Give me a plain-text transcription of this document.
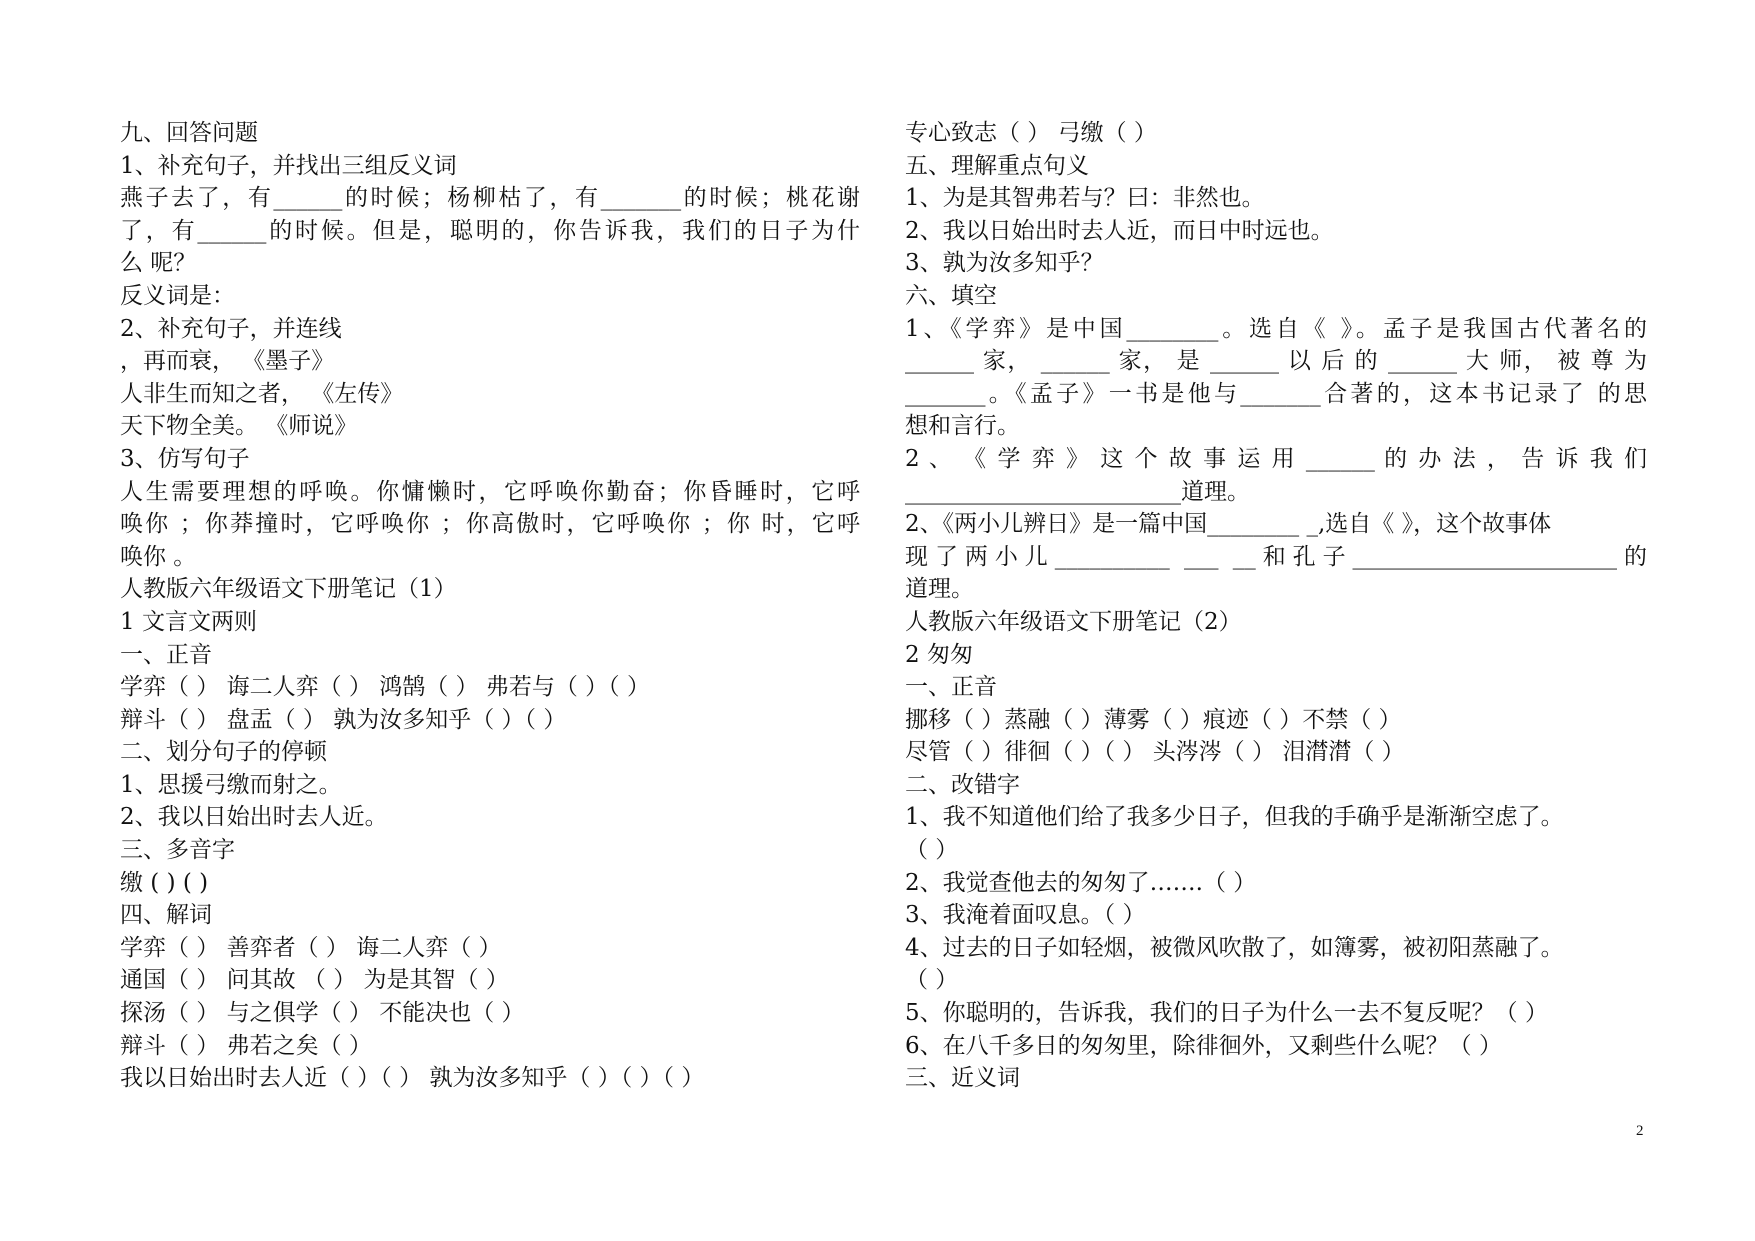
九、回答问题
1、补充句子，并找出三组反义词
燕子去了，有______的时候；杨柳枯了，有_______的时候；桃花谢
了，有______的时候。但是，聪明的，你告诉我，我们的日子为什
么 呢？
反义词是：
2、补充句子，并连线
，再而衰， 《墨子》
人非生而知之者， 《左传》
天下物全美。 《师说》
3、仿写句子
人生需要理想的呼唤。你慵懒时，它呼唤你勤奋；你昏睡时，它呼
唤你 ；你莽撞时，它呼唤你 ；你高傲时，它呼唤你 ；你 时，它呼
唤你 。
人教版六年级语文下册笔记（1）
1 文言文两则
一、正音
学弈（ ） 诲二人弈（ ） 鸿鹄（ ） 弗若与（ ）（ ）
辩斗（ ） 盘盂（ ） 孰为汝多知乎（ ）（ ）
二、划分句子的停顿
1、思援弓缴而射之。
2、我以日始出时去人近。
三、多音字
缴 ( ) ( )
四、解词
学弈（ ） 善弈者（ ） 诲二人弈（ ）
通国（ ） 问其故 （ ） 为是其智（ ）
探汤（ ） 与之俱学（ ） 不能决也（ ）
辩斗（ ） 弗若之矣（ ）
我以日始出时去人近（ ）（ ） 孰为汝多知乎（ ）（ ）（ ）
专心致志（ ） 弓缴（ ）
五、理解重点句义
1、为是其智弗若与？曰：非然也。
2、我以日始出时去人近，而日中时远也。
3、孰为汝多知乎？
六、填空
1、《学弈》是中国________。选自《 》。孟子是我国古代著名的
______ 家， ______ 家， 是 ______ 以 后 的 ______ 大 师， 被 尊 为
_______。《孟子》一书是他与_______合著的，这本书记录了 的思
想和言行。
2 、 《 学 弈 》 这 个 故 事 运 用 ______ 的 办 法 ， 告 诉 我 们
________________________道理。
2、《两小儿辨日》是一篇中国________ _,选自《 》，这个故事体
现了两小儿__________ ___ __和孔子_______________________的
道理。
人教版六年级语文下册笔记（2）
2 匆匆
一、正音
挪移（ ）蒸融（ ）薄雾（ ）痕迹（ ）不禁（ ）
尽管（ ）徘徊（ ）（ ） 头涔涔（ ） 泪潸潸（ ）
二、改错字
1、我不知道他们给了我多少日子，但我的手确乎是渐渐空虑了。
（ ）
2、我觉查他去的匆匆了…….（ ）
3、我淹着面叹息。（ ）
4、过去的日子如轻烟，被微风吹散了，如簿雾，被初阳蒸融了。
（ ）
5、你聪明的，告诉我，我们的日子为什么一去不复反呢？（ ）
6、在八千多日的匆匆里，除徘徊外，又剩些什么呢？（ ）
三、近义词
2
